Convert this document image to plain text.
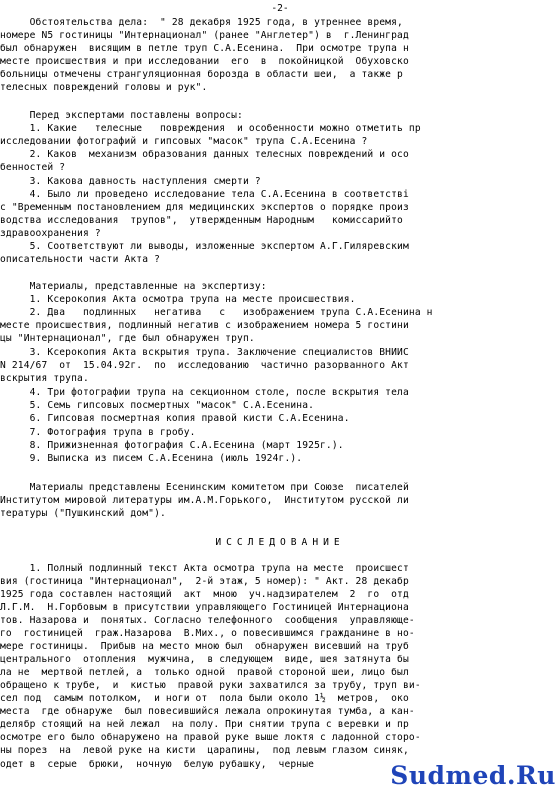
-2-
Обстоятельства дела:  " 28 декабря 1925 года, в утреннее время,
номере N5 гостиницы "Интернационал" (ранее "Англетер") в  г.Ленинград
был обнаружен  висящим в петле труп С.А.Есенина.  При осмотре трупа н
месте происшествия и при исследовании  его  в  покойницкой  Обуховско
больницы отмечены странгуляционная борозда в области шеи,  а также р
телесных повреждений головы и рук".
Перед экспертами поставлены вопросы:
1. Какие   телесные   повреждения  и особенности можно отметить пр
исследовании фотографий и гипсовых "масок" трупа С.А.Есенина ?
2. Каков  механизм образования данных телесных повреждений и осо
бенностей ?
3. Какова давность наступления смерти ?
4. Было ли проведено исследование тела С.А.Есенина в соответствi
с "Временным постановлением для медицинских экспертов о порядке произ
водства исследования  трупов",  утвержденным Народным   комиссарийто
здравоохранения ?
5. Соответствуют ли выводы, изложенные экспертом А.Г.Гиляревским
описательности части Акта ?
Материалы, представленные на экспертизу:
1. Ксерокопия Акта осмотра трупа на месте происшествия.
2. Два   подлинных   негатива   с   изображением трупа С.А.Есенина н
месте происшествия, подлинный негатив с изображением номера 5 гостини
цы "Интернационал", где был обнаружен труп.
3. Ксерокопия Акта вскрытия трупа. Заключение специалистов ВНИИС
N 214/67  от  15.04.92г.  по  исследованию  частично разорванного Акт
вскрытия трупа.
4. Три фотографии трупа на секционном столе, после вскрытия тела
5. Семь гипсовых посмертных "масок" С.А.Есенина.
6. Гипсовая посмертная копия правой кисти С.А.Есенина.
7. Фотография трупа в гробу.
8. Прижизненная фотография С.А.Есенина (март 1925г.).
9. Выписка из писем С.А.Есенина (июль 1924г.).
Материалы представлены Есенинским комитетом при Союзе  писателей
Институтом мировой литературы им.А.М.Горького,  Институтом русской ли
тературы ("Пушкинский дом").
ИССЛЕДОВАНИЕ
1. Полный подлинный текст Акта осмотра трупа на месте  происшест
вия (гостиница "Интернационал",  2-й этаж, 5 номер): " Акт. 28 декабр
1925 года составлен настоящий  акт  мною  уч.надзирателем  2  го  отд
Л.Г.М.  Н.Горбовым в присутствии управляющего Гостиницей Интернациона
тов. Назарова и  понятых. Согласно телефонного  сообщения  управляюще-
го  гостиницей  граж.Назарова  В.Мих., о повесившимся гражданине в но-
мере гостиницы.  Прибыв на место мною был  обнаружен висевший на труб
центрального  отопления  мужчина,  в следующем  виде, шея затянута бы
ла не  мертвой петлей, а  только одной  правой стороной шеи, лицо был
обращено к трубе,  и  кистью  правой руки захватился за трубу, труп ви-
сел под  самым потолком,  и ноги от  пола были около 1½  метров,  око
места  где обнаруже  был повесившийся лежала опрокинутая тумба, а кан-
делябр стоящий на ней лежал  на полу. При снятии трупа с веревки и пр
осмотре его было обнаружено на правой руке выше локтя с ладонной сторо-
ны порез  на  левой руке на кисти  царапины,  под левым глазом синяк,
одет в  серые  брюки,  ночную  белую рубашку,  черные	Sudmed.Ru
